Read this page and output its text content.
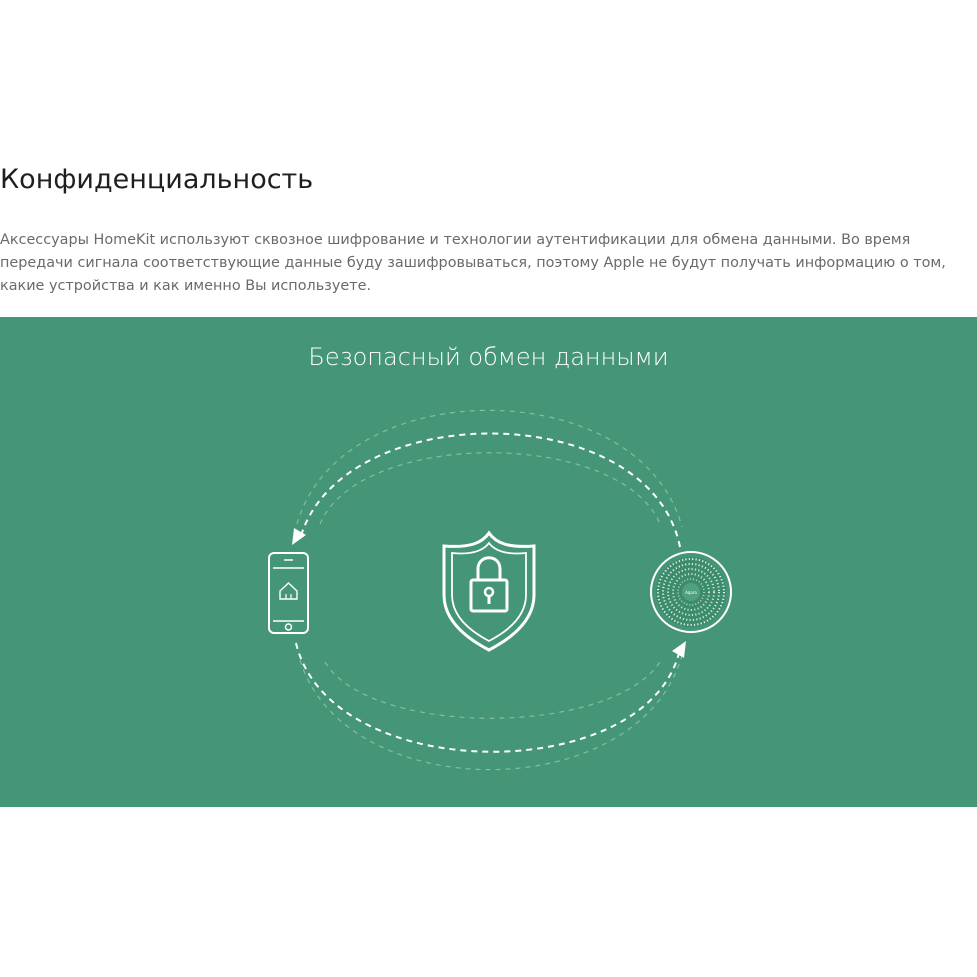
Конфиденциальность

Аксессуары HomeKit используют сквозное шифрование и технологии аутентификации для обмена данными. Во время передачи сигнала соответствующие данные буду зашифровываться, поэтому Apple не будут получать информацию о том, какие устройства и как именно Вы используете.

Безопасный обмен данными
Aqara
